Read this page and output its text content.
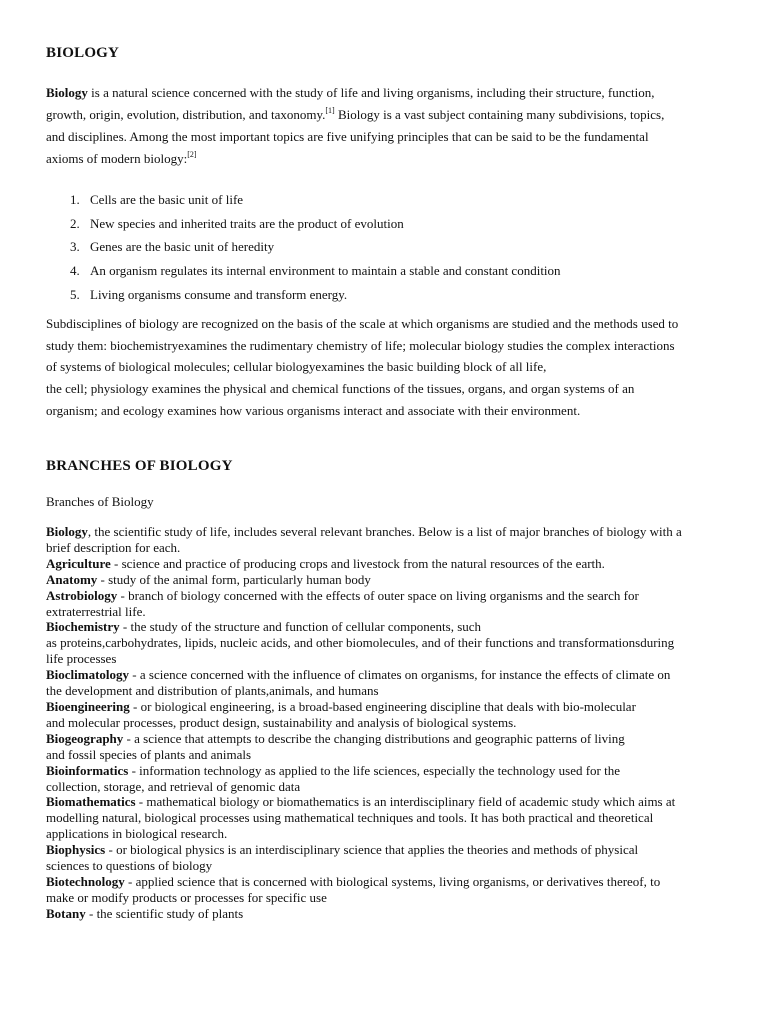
BIOLOGY

Biology is a natural science concerned with the study of life and living organisms, including their structure, function,
growth, origin, evolution, distribution, and taxonomy.[1] Biology is a vast subject containing many subdivisions, topics,
and disciplines. Among the most important topics are five unifying principles that can be said to be the fundamental
axioms of modern biology:[2]

1. Cells are the basic unit of life
2. New species and inherited traits are the product of evolution
3. Genes are the basic unit of heredity
4. An organism regulates its internal environment to maintain a stable and constant condition
5. Living organisms consume and transform energy.

Subdisciplines of biology are recognized on the basis of the scale at which organisms are studied and the methods used to
study them: biochemistryexamines the rudimentary chemistry of life; molecular biology studies the complex interactions
of systems of biological molecules; cellular biologyexamines the basic building block of all life,
the cell; physiology examines the physical and chemical functions of the tissues, organs, and organ systems of an
organism; and ecology examines how various organisms interact and associate with their environment.

BRANCHES OF BIOLOGY

Branches of Biology

Biology, the scientific study of life, includes several relevant branches. Below is a list of major branches of biology with a
brief description for each.

Agriculture - science and practice of producing crops and livestock from the natural resources of the earth.

Anatomy - study of the animal form, particularly human body

Astrobiology - branch of biology concerned with the effects of outer space on living organisms and the search for
extraterrestrial life.

Biochemistry - the study of the structure and function of cellular components, such
as proteins,carbohydrates, lipids, nucleic acids, and other biomolecules, and of their functions and transformationsduring
life processes

Bioclimatology - a science concerned with the influence of climates on organisms, for instance the effects of climate on
the development and distribution of plants,animals, and humans

Bioengineering - or biological engineering, is a broad-based engineering discipline that deals with bio-molecular
and molecular processes, product design, sustainability and analysis of biological systems.

Biogeography - a science that attempts to describe the changing distributions and geographic patterns of living
and fossil species of plants and animals

Bioinformatics - information technology as applied to the life sciences, especially the technology used for the
collection, storage, and retrieval of genomic data

Biomathematics - mathematical biology or biomathematics is an interdisciplinary field of academic study which aims at
modelling natural, biological processes using mathematical techniques and tools. It has both practical and theoretical
applications in biological research.

Biophysics - or biological physics is an interdisciplinary science that applies the theories and methods of physical
sciences to questions of biology

Biotechnology - applied science that is concerned with biological systems, living organisms, or derivatives thereof, to
make or modify products or processes for specific use

Botany - the scientific study of plants
